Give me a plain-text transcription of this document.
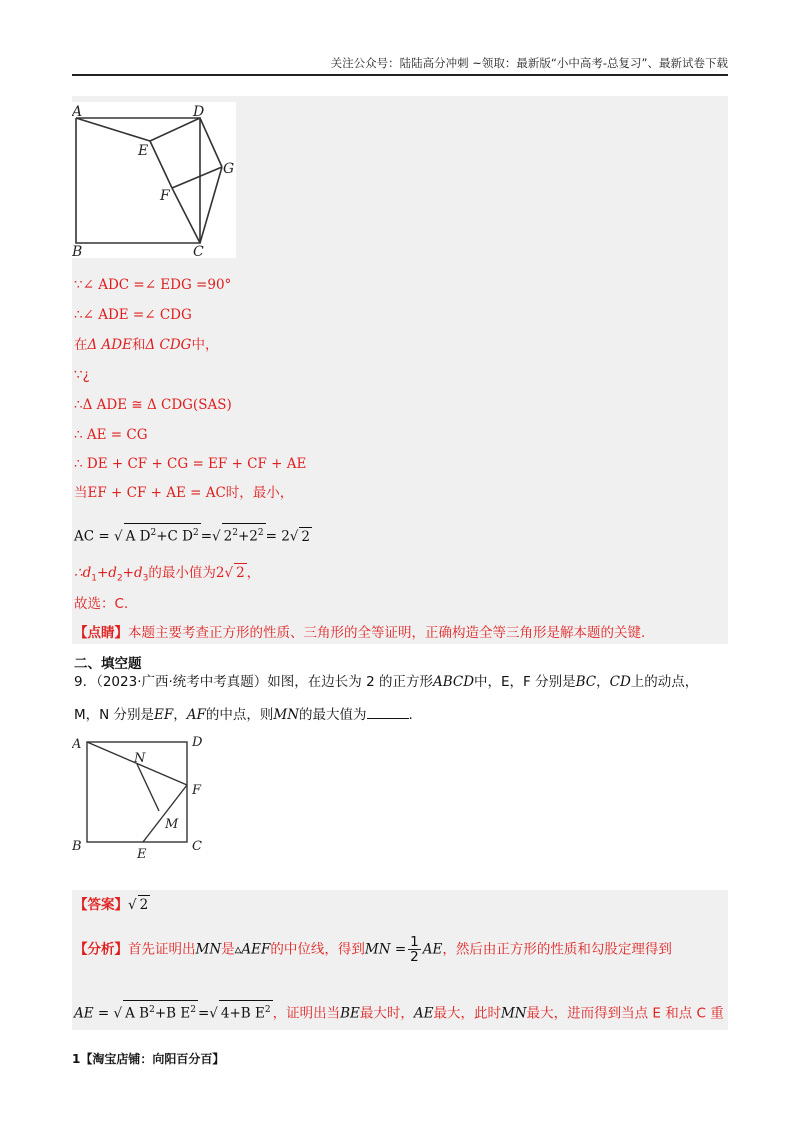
关注公众号：陆陆高分冲刺 ~领取：最新版“小中高考-总复习”、最新试卷下载
A	D
E
G
F
B	C
∵∠ ADC =∠ EDG =90°
∴∠ ADE =∠ CDG
在Δ ADE和Δ CDG中，
∵¿
∴Δ ADE ≅ Δ CDG(SAS)
∴ AE = CG
∴ DE + CF + CG = EF + CF + AE
当EF + CF + AE = AC时，最小，
AC = √ A $D^2+C$ $D^2$ =√ $2^2+2^2 = 2√$ 2
$\therefore d_1+d_2+d_3$的最小值为2√ 2 ，
故选：C.
【点睛】本题主要考查正方形的性质、三角形的全等证明，正确构造全等三角形是解本题的关键.
二、填空题
9．（2023·广西·统考中考真题）如图，在边长为 2 的正方形ABCD中，E，F 分别是BC，CD上的动点，
M，N 分别是EF，AF的中点，则MN的最大值为	.
A	D
N
F
M
B
E
C
【答案】√ 2
【分析】首先证明出MN是▵AEF的中位线，得到MN = $\frac{1}{2}$ AE，然后由正方形的性质和勾股定理得到
AE = √ A $B^2+B$ $E^2$ =√ 4+B $E^2$ ，证明出当BE最大时，AE最大，此时MN最大，进而得到当点 E 和点 C 重
1【淘宝店铺：向阳百分百】
